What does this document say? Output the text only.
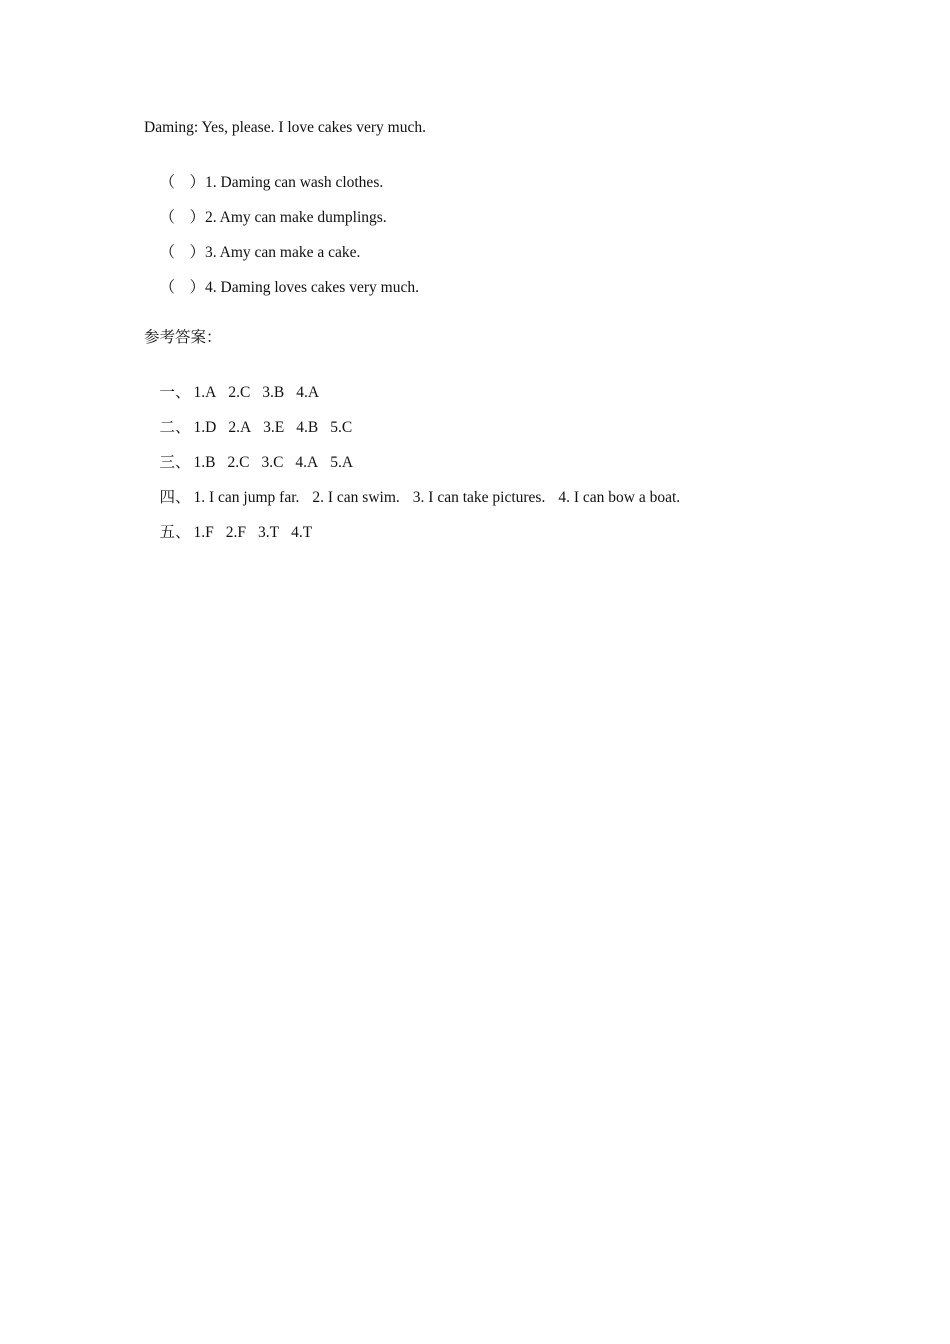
Daming: Yes, please. I love cakes very much.

（ ）1. Daming can wash clothes.

（ ）2. Amy can make dumplings.

（ ）3. Amy can make a cake.

（ ）4. Daming loves cakes very much.

参考答案：

一、 1.A 2.C 3.B 4.A

二、 1.D 2.A 3.E 4.B 5.C

三、 1.B 2.C 3.C 4.A 5.A

四、 1. I can jump far. 2. I can swim. 3. I can take pictures. 4. I can bow a boat.

五、 1.F 2.F 3.T 4.T
